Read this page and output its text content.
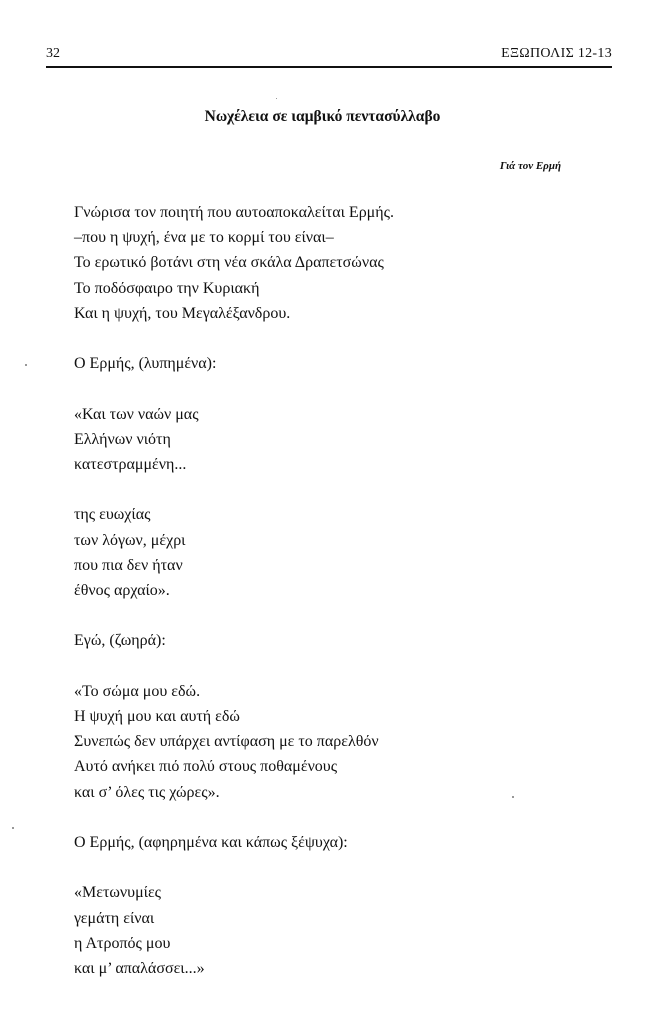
32	ΕΞΩΠΟΛΙΣ 12-13
Νωχέλεια σε ιαμβικό πεντασύλλαβο
Γιά τον Ερμή
Γνώρισα τον ποιητή που αυτοαποκαλείται Ερμής.
–που η ψυχή, ένα με το κορμί του είναι–
Το ερωτικό βοτάνι στη νέα σκάλα Δραπετσώνας
Το ποδόσφαιρο την Κυριακή
Και η ψυχή, του Μεγαλέξανδρου.
Ο Ερμής, (λυπημένα):
«Και των ναών μας
Ελλήνων νιότη
κατεστραμμένη...
της ευωχίας
των λόγων, μέχρι
που πια δεν ήταν
έθνος αρχαίο».
Εγώ, (ζωηρά):
«Το σώμα μου εδώ.
Η ψυχή μου και αυτή εδώ
Συνεπώς δεν υπάρχει αντίφαση με το παρελθόν
Αυτό ανήκει πιό πολύ στους ποθαμένους
και σ’ όλες τις χώρες».
Ο Ερμής, (αφηρημένα και κάπως ξέψυχα):
«Μετωνυμίες
γεμάτη είναι
η Ατροπός μου
και μ’ απαλάσσει...»
